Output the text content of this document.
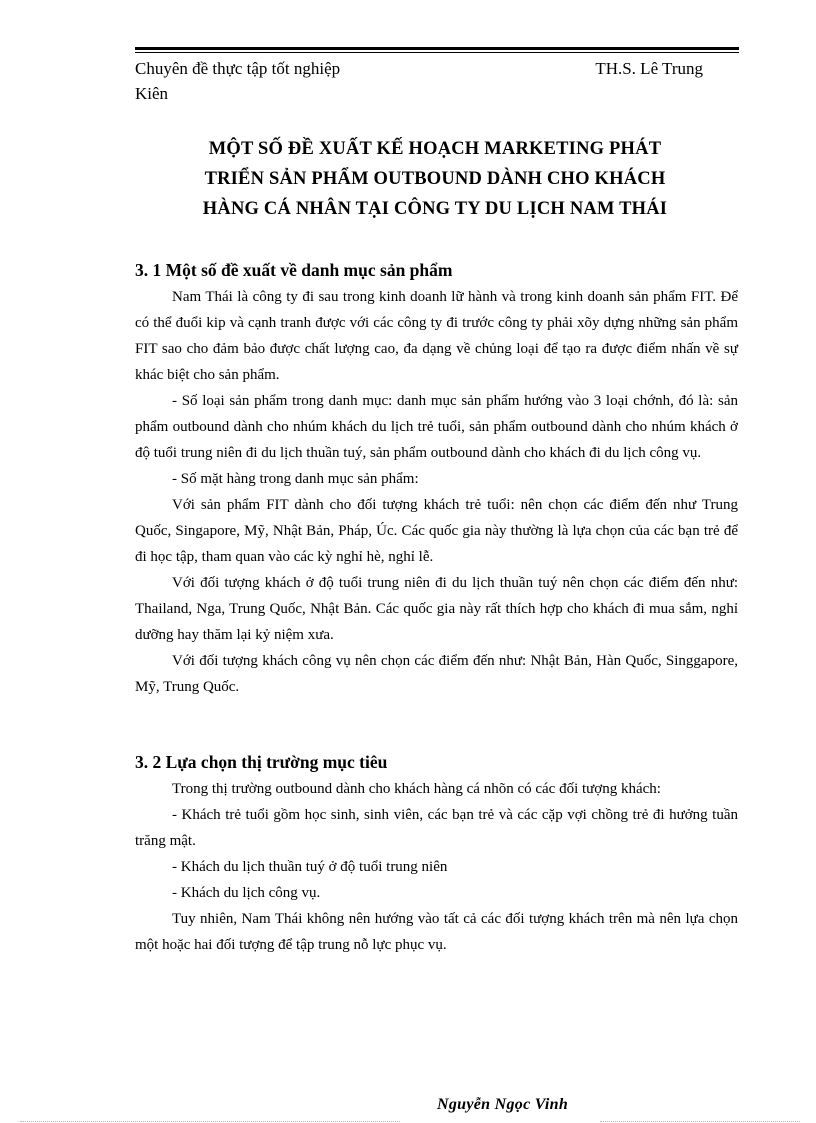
Chuyên đề thực tập tốt nghiệp	TH.S. Lê Trung
Kiên
MỘT SỐ ĐỀ XUẤT KẾ HOẠCH MARKETING PHÁT
TRIỂN SẢN PHẨM OUTBOUND DÀNH CHO KHÁCH
HÀNG CÁ NHÂN TẠI CÔNG TY DU LỊCH NAM THÁI
3. 1 Một số đề xuất về danh mục sản phẩm

Nam Thái là công ty đi sau trong kinh doanh lữ hành và trong kinh doanh sản phẩm FIT. Để có thể đuổi kip và cạnh tranh được với các công ty đi trước công ty phải xõy dựng những sản phẩm FIT sao cho đảm bảo được chất lượng cao, đa dạng về chủng loại để tạo ra được điểm nhấn về sự khác biệt cho sản phẩm.

- Số loại sản phẩm trong danh mục: danh mục sản phẩm hướng vào 3 loại chớnh, đó là: sản phẩm outbound dành cho nhúm khách du lịch trẻ tuổi, sản phẩm outbound dành cho nhúm khách ở độ tuổi trung niên đi du lịch thuần tuý, sản phẩm outbound dành cho khách đi du lịch công vụ.

- Số mặt hàng trong danh mục sản phẩm:

Với sản phẩm FIT dành cho đối tượng khách trẻ tuổi: nên chọn các điểm đến như Trung Quốc, Singapore, Mỹ, Nhật Bản, Pháp, Úc. Các quốc gia này thường là lựa chọn của các bạn trẻ để đi học tập, tham quan vào các kỳ nghỉ hè, nghỉ lễ.

Với đối tượng khách ở độ tuổi trung niên đi du lịch thuần tuý nên chọn các điểm đến như: Thailand, Nga, Trung Quốc, Nhật Bản. Các quốc gia này rất thích hợp cho khách đi mua sắm, nghỉ dưỡng hay thăm lại kỷ niệm xưa.

Với đối tượng khách công vụ nên chọn các điểm đến như: Nhật Bản, Hàn Quốc, Singgapore, Mỹ, Trung Quốc.

3. 2 Lựa chọn thị trường mục tiêu

Trong thị trường outbound dành cho khách hàng cá nhõn có các đối tượng khách:

- Khách trẻ tuổi gồm học sinh, sinh viên, các bạn trẻ và các cặp vợi chồng trẻ đi hưởng tuần trăng mật.

- Khách du lịch thuần tuý ở độ tuổi trung niên

- Khách du lịch công vụ.

Tuy nhiên, Nam Thái không nên hướng vào tất cả các đối tượng khách trên mà nên lựa chọn một hoặc hai đối tượng để tập trung nỗ lực phục vụ.

Nguyễn Ngọc Vinh
